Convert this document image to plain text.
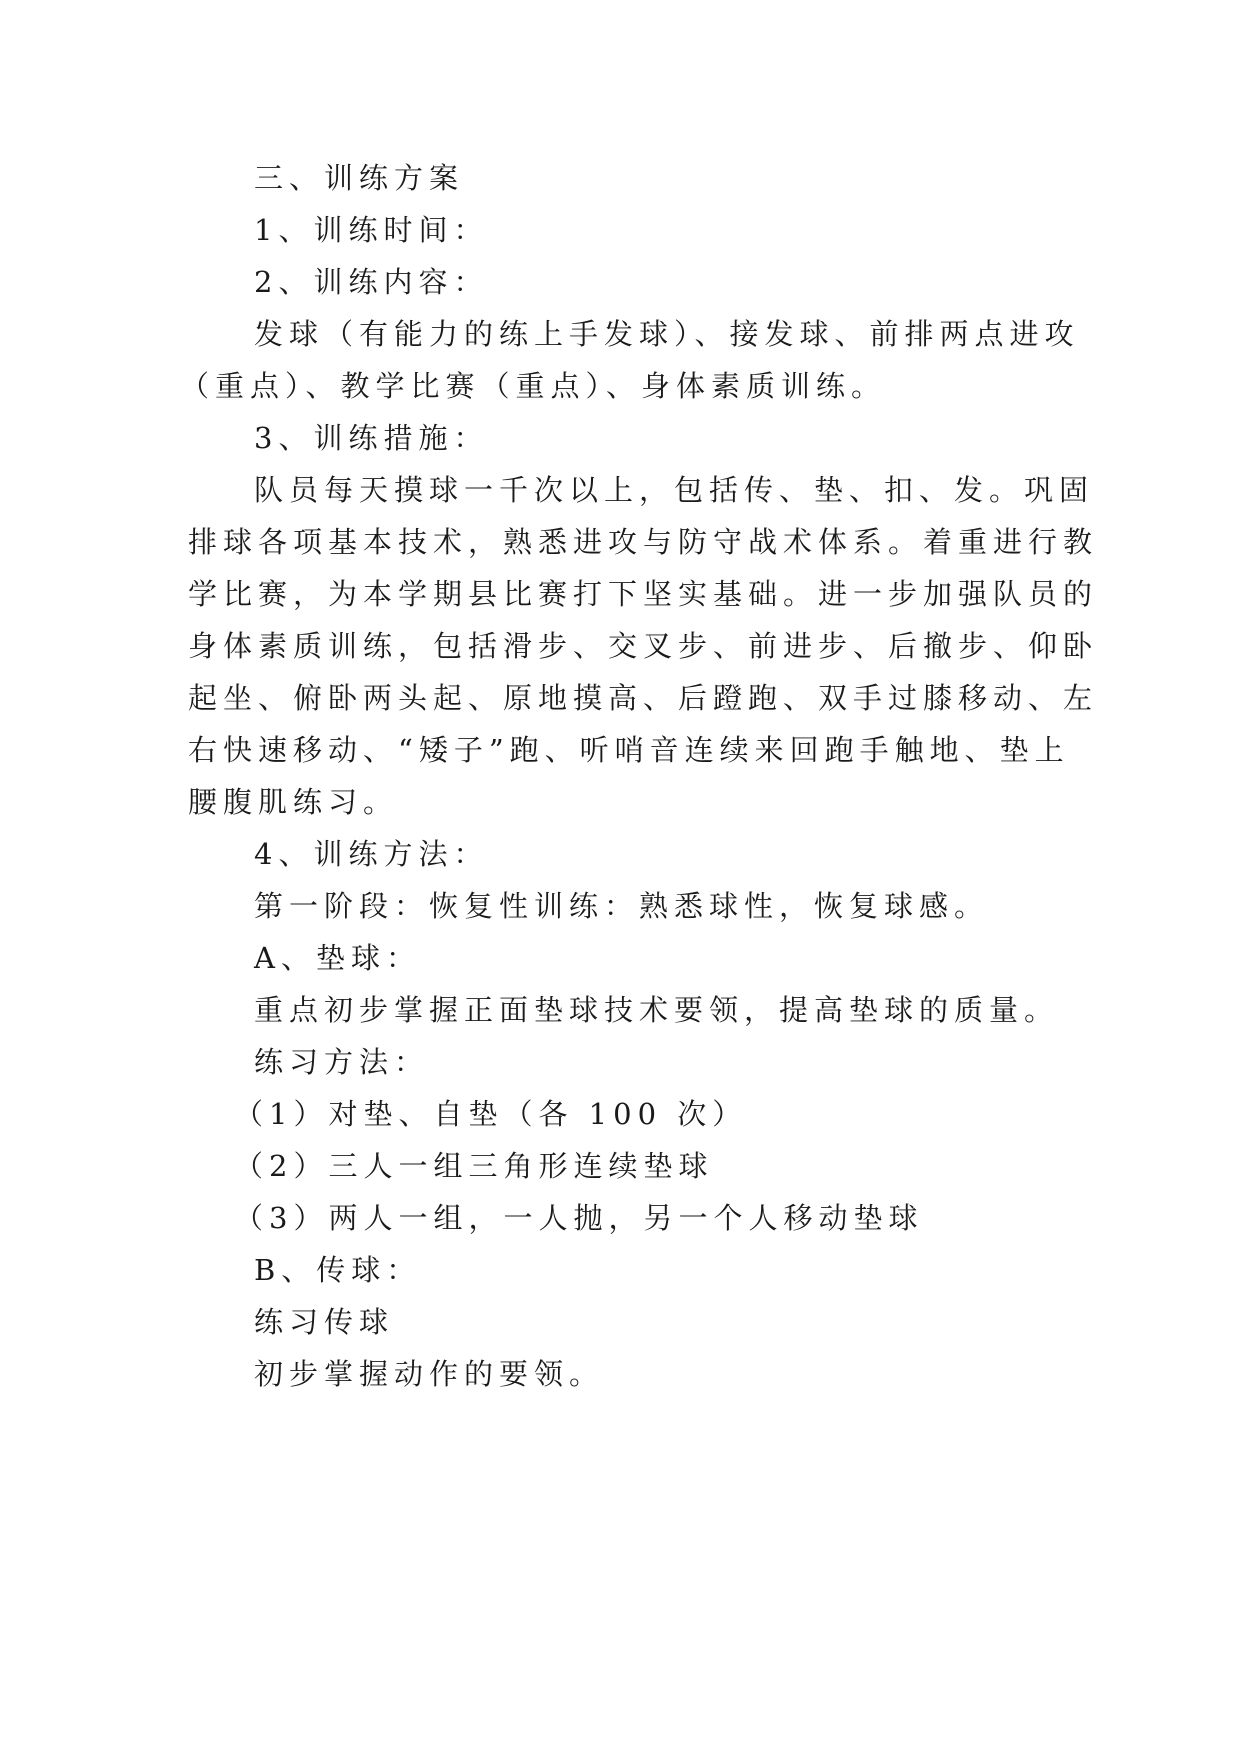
三、训练方案
1、训练时间：
2、训练内容：
发球（有能力的练上手发球）、接发球、前排两点进攻
（重点）、教学比赛（重点）、身体素质训练。
3、训练措施：
队员每天摸球一千次以上，包括传、垫、扣、发。巩固
排球各项基本技术，熟悉进攻与防守战术体系。着重进行教
学比赛，为本学期县比赛打下坚实基础。进一步加强队员的
身体素质训练，包括滑步、交叉步、前进步、后撤步、仰卧
起坐、俯卧两头起、原地摸高、后蹬跑、双手过膝移动、左
右快速移动、“矮子”跑、听哨音连续来回跑手触地、垫上
腰腹肌练习。
4、训练方法：
第一阶段：恢复性训练：熟悉球性，恢复球感。
A、垫球：
重点初步掌握正面垫球技术要领，提高垫球的质量。
练习方法：
（1）对垫、自垫（各 100 次）
（2）三人一组三角形连续垫球
（3）两人一组，一人抛，另一个人移动垫球
B、传球：
练习传球
初步掌握动作的要领。
